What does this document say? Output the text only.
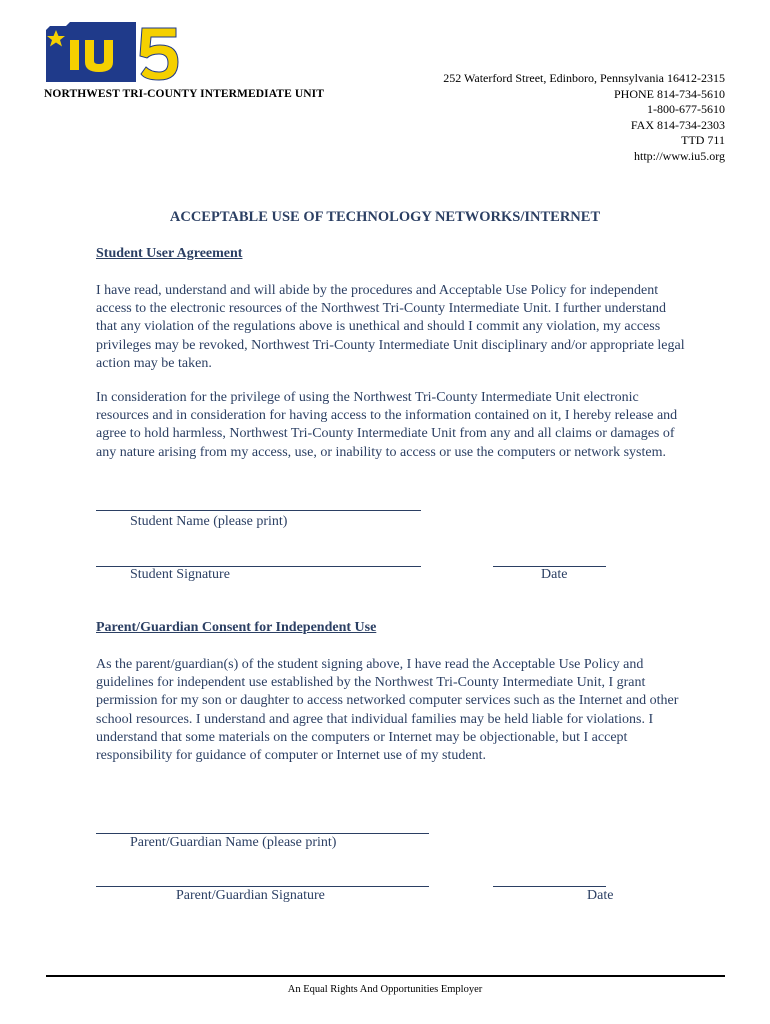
NORTHWEST TRI-COUNTY INTERMEDIATE UNIT
252 Waterford Street, Edinboro, Pennsylvania 16412-2315
PHONE 814-734-5610
1-800-677-5610
FAX 814-734-2303
TTD 711
http://www.iu5.org
ACCEPTABLE USE OF TECHNOLOGY NETWORKS/INTERNET
Student User Agreement
I have read, understand and will abide by the procedures and Acceptable Use Policy for independent access to the electronic resources of the Northwest Tri-County Intermediate Unit. I further understand that any violation of the regulations above is unethical and should I commit any violation, my access privileges may be revoked, Northwest Tri-County Intermediate Unit disciplinary and/or appropriate legal action may be taken.
In consideration for the privilege of using the Northwest Tri-County Intermediate Unit electronic resources and in consideration for having access to the information contained on it, I hereby release and agree to hold harmless, Northwest Tri-County Intermediate Unit from any and all claims or damages of any nature arising from my access, use, or inability to access or use the computers or network system.
Student Name (please print)
Student Signature	Date
Parent/Guardian Consent for Independent Use
As the parent/guardian(s) of the student signing above, I have read the Acceptable Use Policy and guidelines for independent use established by the Northwest Tri-County Intermediate Unit, I grant permission for my son or daughter to access networked computer services such as the Internet and other school resources. I understand and agree that individual families may be held liable for violations. I understand that some materials on the computers or Internet may be objectionable, but I accept responsibility for guidance of computer or Internet use of my student.
Parent/Guardian Name (please print)
Parent/Guardian Signature	Date
An Equal Rights And Opportunities Employer
